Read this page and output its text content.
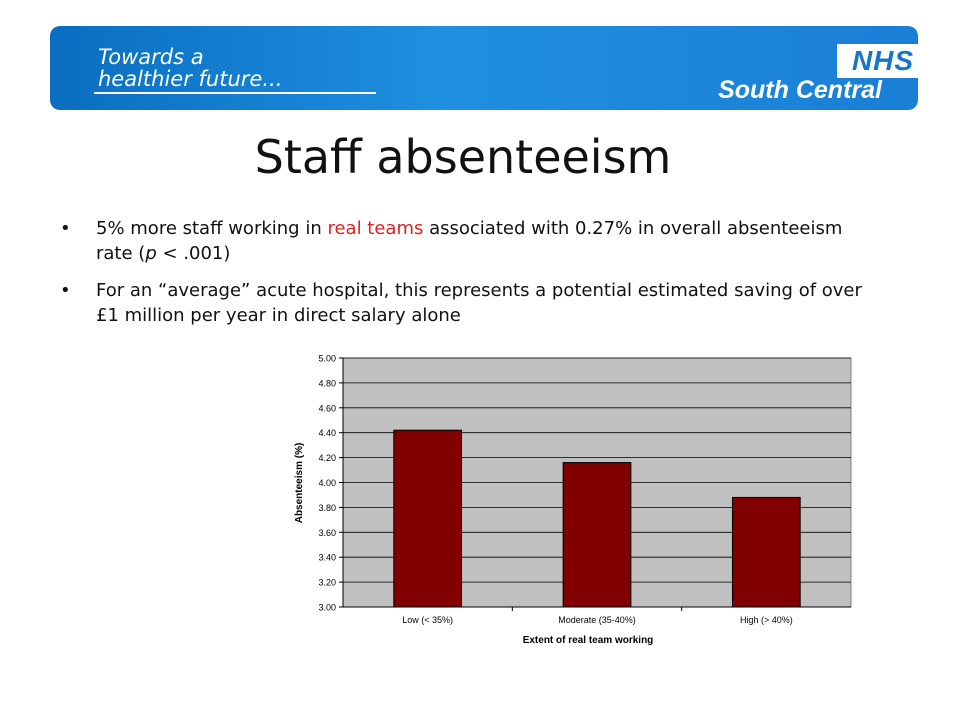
Towards a
healthier future...
NHS
South Central
Staff absenteeism
• 5% more staff working in real teams associated with 0.27% in overall absenteeism rate (p < .001)
• For an “average” acute hospital, this represents a potential estimated saving of over £1 million per year in direct salary alone
3.00
3.20
3.40
3.60
3.80
4.00
4.20
4.40
4.60
4.80
5.00
Low (< 35%)	Moderate (35-40%)	High (> 40%)
Extent of real team working
Absenteeism (%)
